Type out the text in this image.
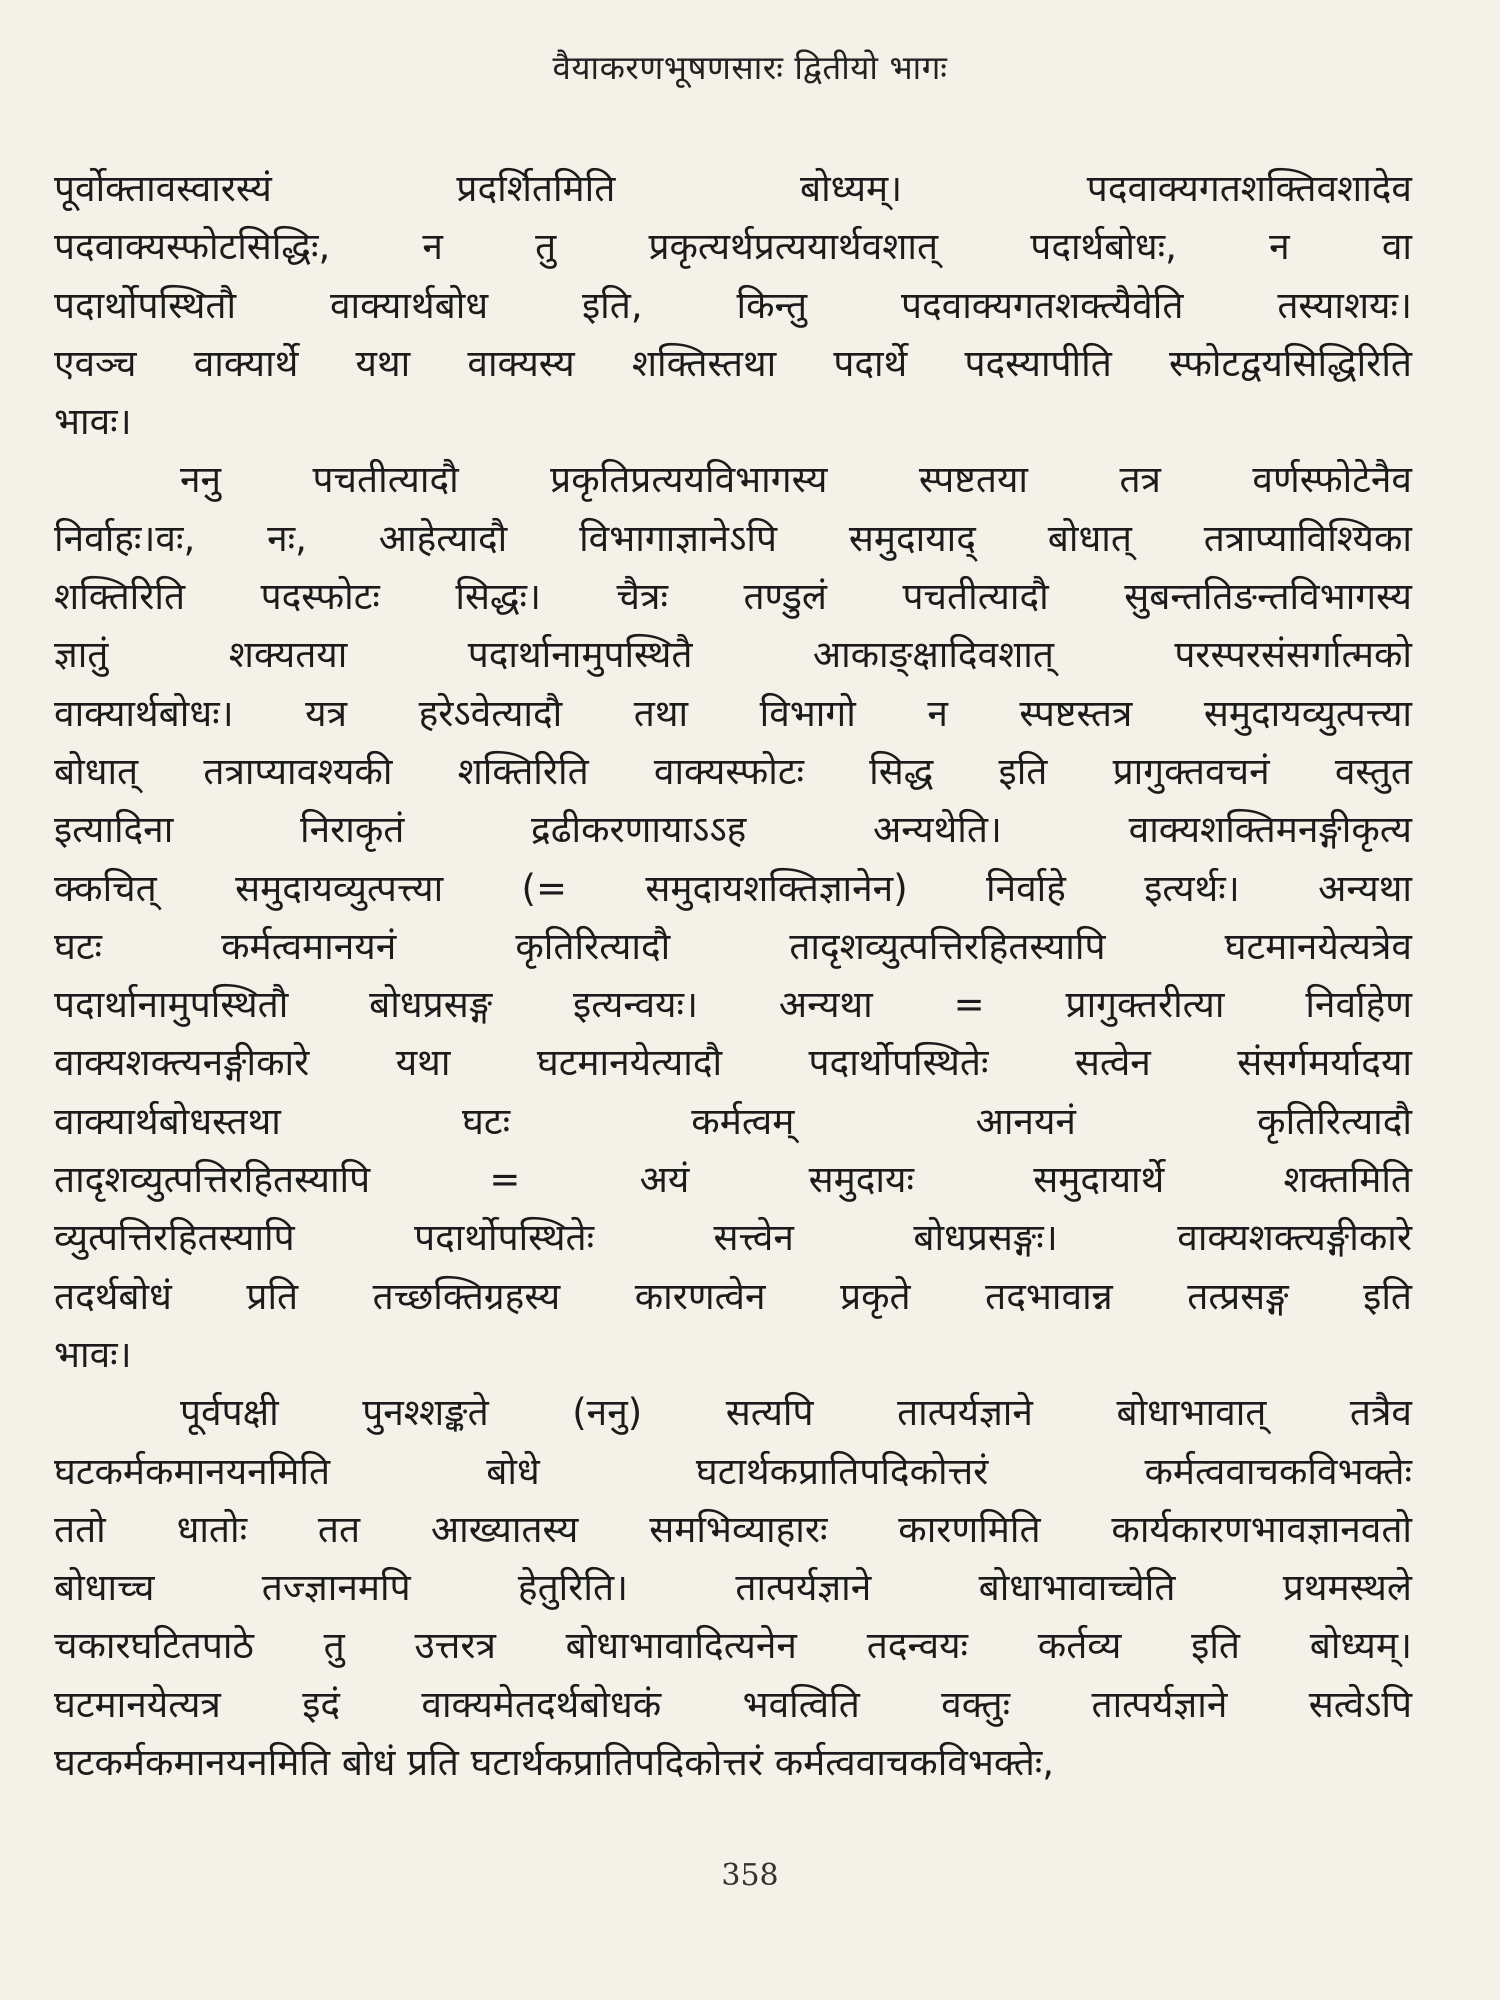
वैयाकरणभूषणसारः द्वितीयो भागः
पूर्वोक्तावस्वारस्यं प्रदर्शितमिति बोध्यम्। पदवाक्यगतशक्तिवशादेव
पदवाक्यस्फोटसिद्धिः, न तु प्रकृत्यर्थप्रत्ययार्थवशात् पदार्थबोधः, न वा
पदार्थोपस्थितौ वाक्यार्थबोध इति, किन्तु पदवाक्यगतशक्त्यैवेति तस्याशयः।
एवञ्च वाक्यार्थे यथा वाक्यस्य शक्तिस्तथा पदार्थे पदस्यापीति स्फोटद्वयसिद्धिरिति
भावः।
ननु पचतीत्यादौ प्रकृतिप्रत्ययविभागस्य स्पष्टतया तत्र वर्णस्फोटेनैव
निर्वाहः।वः, नः, आहेत्यादौ विभागाज्ञानेऽपि समुदायाद् बोधात् तत्राप्याविश्यिका
शक्तिरिति पदस्फोटः सिद्धः। चैत्रः तण्डुलं पचतीत्यादौ सुबन्ततिङन्तविभागस्य
ज्ञातुं शक्यतया पदार्थानामुपस्थितै आकाङ्क्षादिवशात् परस्परसंसर्गात्मको
वाक्यार्थबोधः। यत्र हरेऽवेत्यादौ तथा विभागो न स्पष्टस्तत्र समुदायव्युत्पत्त्या
बोधात् तत्राप्यावश्यकी शक्तिरिति वाक्यस्फोटः सिद्ध इति प्रागुक्तवचनं वस्तुत
इत्यादिना निराकृतं द्रढीकरणायाऽऽह अन्यथेति। वाक्यशक्तिमनङ्गीकृत्य
क्कचित् समुदायव्युत्पत्त्या (= समुदायशक्तिज्ञानेन) निर्वाहे इत्यर्थः। अन्यथा
घटः कर्मत्वमानयनं कृतिरित्यादौ तादृशव्युत्पत्तिरहितस्यापि घटमानयेत्यत्रेव
पदार्थानामुपस्थितौ बोधप्रसङ्ग इत्यन्वयः। अन्यथा = प्रागुक्तरीत्या निर्वाहेण
वाक्यशक्त्यनङ्गीकारे यथा घटमानयेत्यादौ पदार्थोपस्थितेः सत्वेन संसर्गमर्यादया
वाक्यार्थबोधस्तथा घटः कर्मत्वम् आनयनं कृतिरित्यादौ
तादृशव्युत्पत्तिरहितस्यापि = अयं समुदायः समुदायार्थे शक्तमिति
व्युत्पत्तिरहितस्यापि पदार्थोपस्थितेः सत्त्वेन बोधप्रसङ्गः। वाक्यशक्त्यङ्गीकारे
तदर्थबोधं प्रति तच्छक्तिग्रहस्य कारणत्वेन प्रकृते तदभावान्न तत्प्रसङ्ग इति
भावः।
पूर्वपक्षी पुनश्शङ्कते (ननु) सत्यपि तात्पर्यज्ञाने बोधाभावात् तत्रैव
घटकर्मकमानयनमिति बोधे घटार्थकप्रातिपदिकोत्तरं कर्मत्ववाचकविभक्तेः
ततो धातोः तत आख्यातस्य समभिव्याहारः कारणमिति कार्यकारणभावज्ञानवतो
बोधाच्च तज्ज्ञानमपि हेतुरिति। तात्पर्यज्ञाने बोधाभावाच्चेति प्रथमस्थले
चकारघटितपाठे तु उत्तरत्र बोधाभावादित्यनेन तदन्वयः कर्तव्य इति बोध्यम्।
घटमानयेत्यत्र इदं वाक्यमेतदर्थबोधकं भवत्विति वक्तुः तात्पर्यज्ञाने सत्वेऽपि
घटकर्मकमानयनमिति बोधं प्रति घटार्थकप्रातिपदिकोत्तरं कर्मत्ववाचकविभक्तेः,
358
